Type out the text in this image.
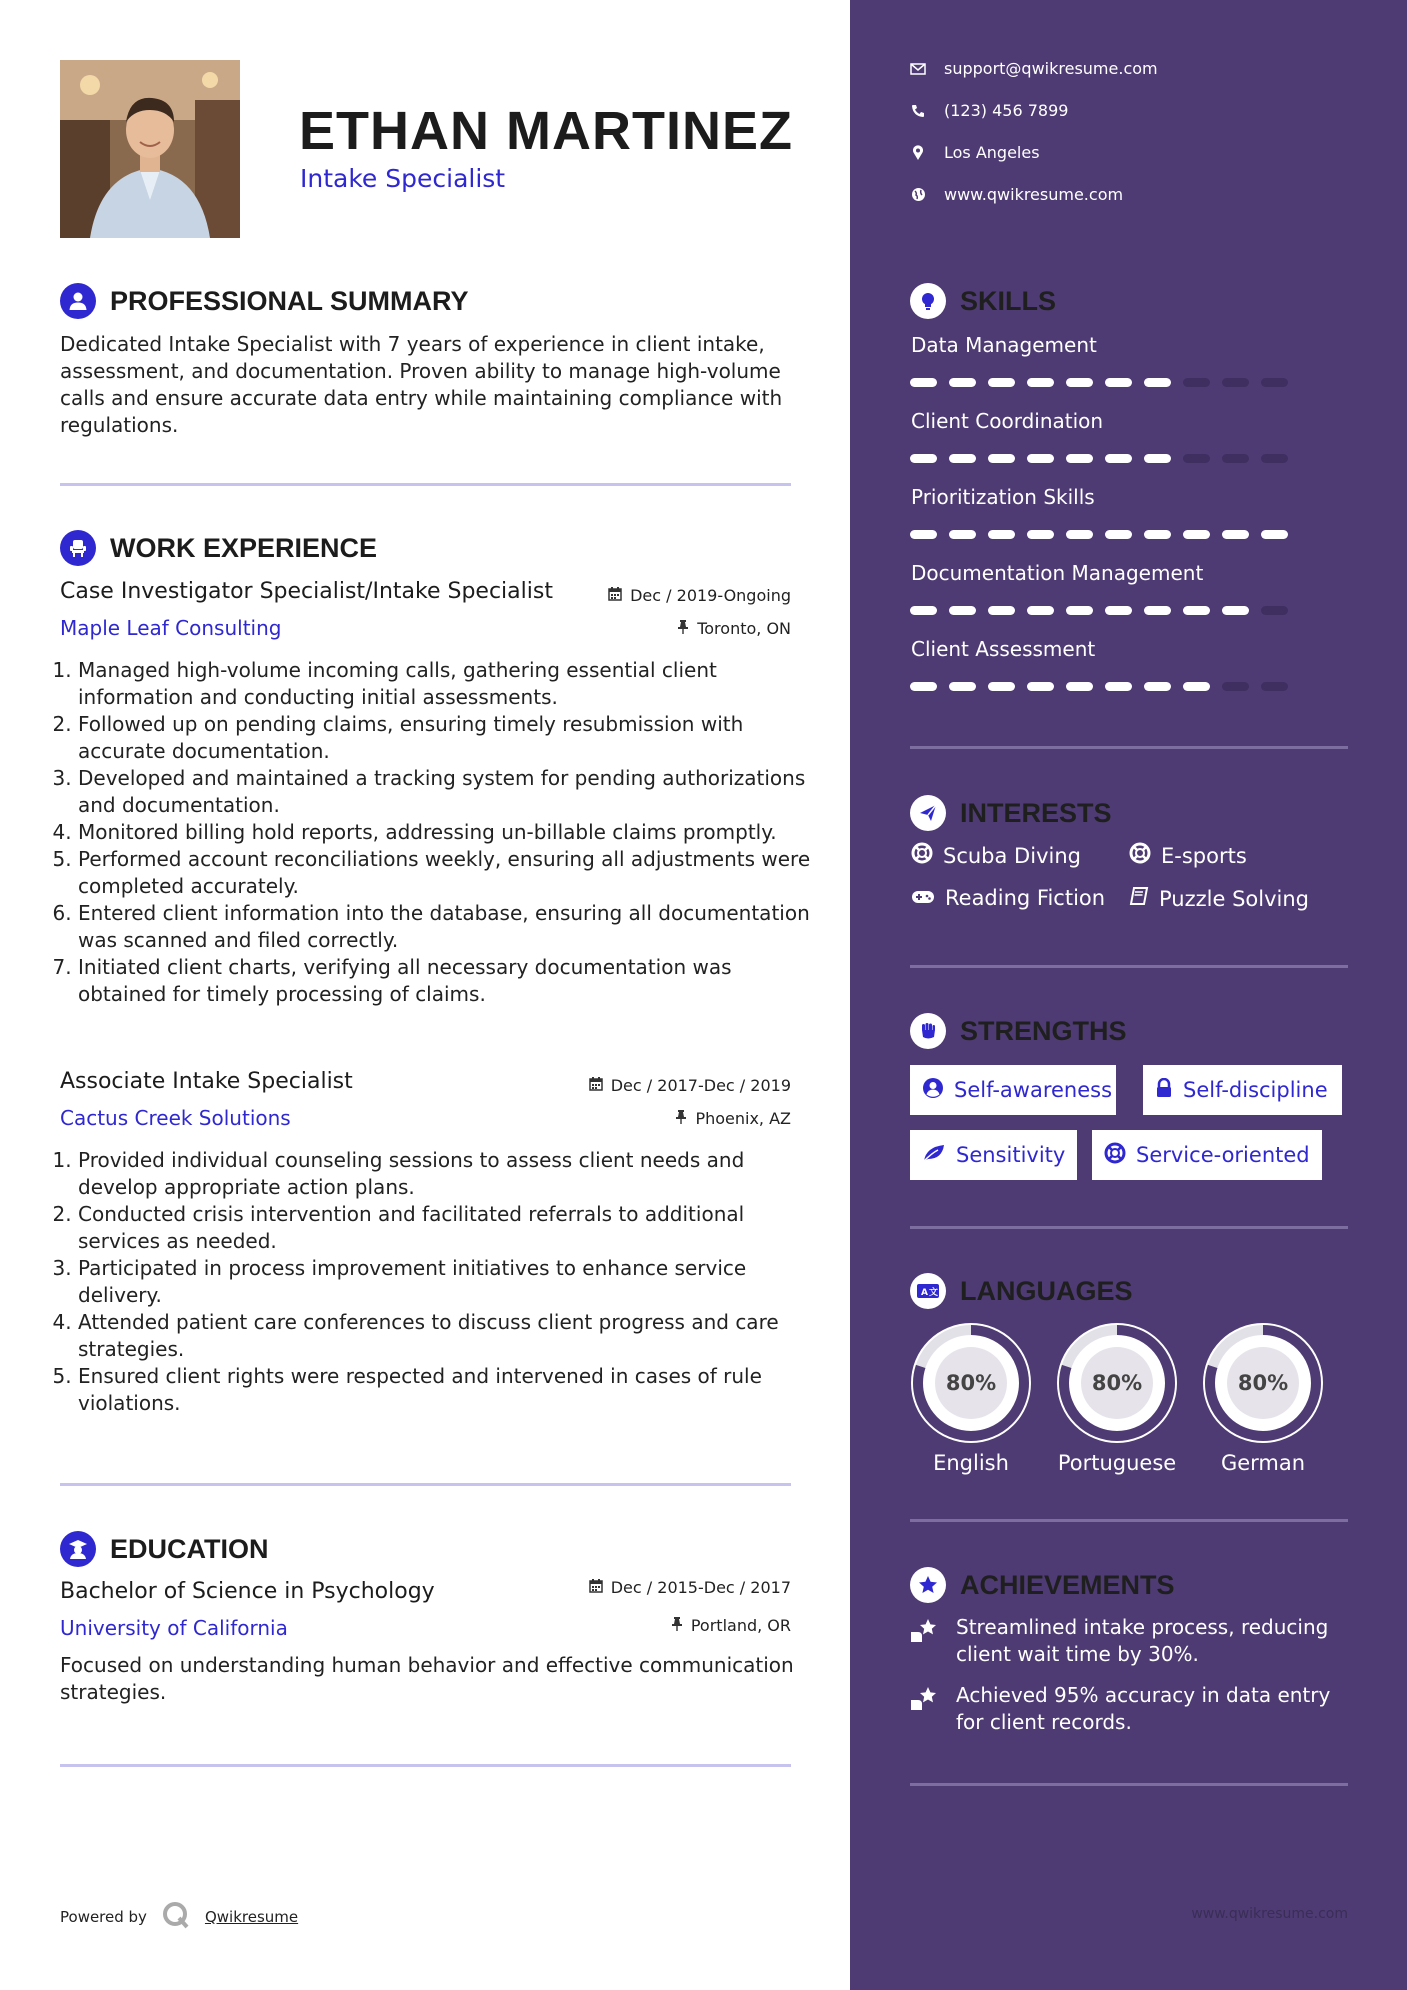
ETHAN MARTINEZ
Intake Specialist
PROFESSIONAL SUMMARY
Dedicated Intake Specialist with 7 years of experience in client intake, assessment, and documentation. Proven ability to manage high-volume calls and ensure accurate data entry while maintaining compliance with regulations.
WORK EXPERIENCE
Case Investigator Specialist/Intake Specialist	Dec / 2019-Ongoing
Maple Leaf Consulting	Toronto, ON
1. Managed high-volume incoming calls, gathering essential client information and conducting initial assessments.
2. Followed up on pending claims, ensuring timely resubmission with accurate documentation.
3. Developed and maintained a tracking system for pending authorizations and documentation.
4. Monitored billing hold reports, addressing un-billable claims promptly.
5. Performed account reconciliations weekly, ensuring all adjustments were completed accurately.
6. Entered client information into the database, ensuring all documentation was scanned and filed correctly.
7. Initiated client charts, verifying all necessary documentation was obtained for timely processing of claims.
Associate Intake Specialist	Dec / 2017-Dec / 2019
Cactus Creek Solutions	Phoenix, AZ
1. Provided individual counseling sessions to assess client needs and develop appropriate action plans.
2. Conducted crisis intervention and facilitated referrals to additional services as needed.
3. Participated in process improvement initiatives to enhance service delivery.
4. Attended patient care conferences to discuss client progress and care strategies.
5. Ensured client rights were respected and intervened in cases of rule violations.
EDUCATION
Bachelor of Science in Psychology	Dec / 2015-Dec / 2017
University of California	Portland, OR
Focused on understanding human behavior and effective communication strategies.
Powered by	Qwikresume
support@qwikresume.com
(123) 456 7899
Los Angeles
www.qwikresume.com
SKILLS
Data Management
Client Coordination
Prioritization Skills
Documentation Management
Client Assessment
INTERESTS
Scuba Diving	E-sports
Reading Fiction	Puzzle Solving
STRENGTHS
Self-awareness	Self-discipline
Sensitivity	Service-oriented
A 文 LANGUAGES
80%
English
80%
Portuguese
80%
German
ACHIEVEMENTS
Streamlined intake process, reducing client wait time by 30%.
Achieved 95% accuracy in data entry for client records.
www.qwikresume.com
